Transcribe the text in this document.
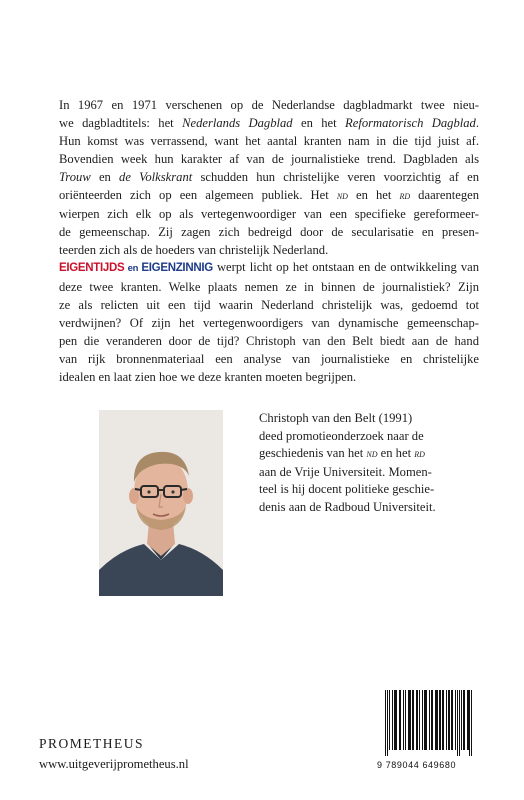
In 1967 en 1971 verschenen op de Nederlandse dagbladmarkt twee nieu-
we dagbladtitels: het Nederlands Dagblad en het Reformatorisch Dagblad.
Hun komst was verrassend, want het aantal kranten nam in die tijd juist af.
Bovendien week hun karakter af van de journalistieke trend. Dagbladen als
Trouw en de Volkskrant schudden hun christelijke veren voorzichtig af en
oriënteerden zich op een algemeen publiek. Het nd en het rd daarentegen
wierpen zich elk op als vertegenwoordiger van een specifieke gereformeer-
de gemeenschap. Zij zagen zich bedreigd door de secularisatie en presen-
teerden zich als de hoeders van christelijk Nederland.
EIGENTIJDS en EIGENZINNIG werpt licht op het ontstaan en de ontwikkeling van
deze twee kranten. Welke plaats nemen ze in binnen de journalistiek? Zijn
ze als relicten uit een tijd waarin Nederland christelijk was, gedoemd tot
verdwijnen? Of zijn het vertegenwoordigers van dynamische gemeenschap-
pen die veranderen door de tijd? Christoph van den Belt biedt aan de hand
van rijk bronnenmateriaal een analyse van journalistieke en christelijke
idealen en laat zien hoe we deze kranten moeten begrijpen.
Christoph van den Belt (1991)
deed promotieonderzoek naar de
geschiedenis van het nd en het rd
aan de Vrije Universiteit. Momen-
teel is hij docent politieke geschie-
denis aan de Radboud Universiteit.
PROMETHEUS
www.uitgeverijprometheus.nl	9 789044 649680
